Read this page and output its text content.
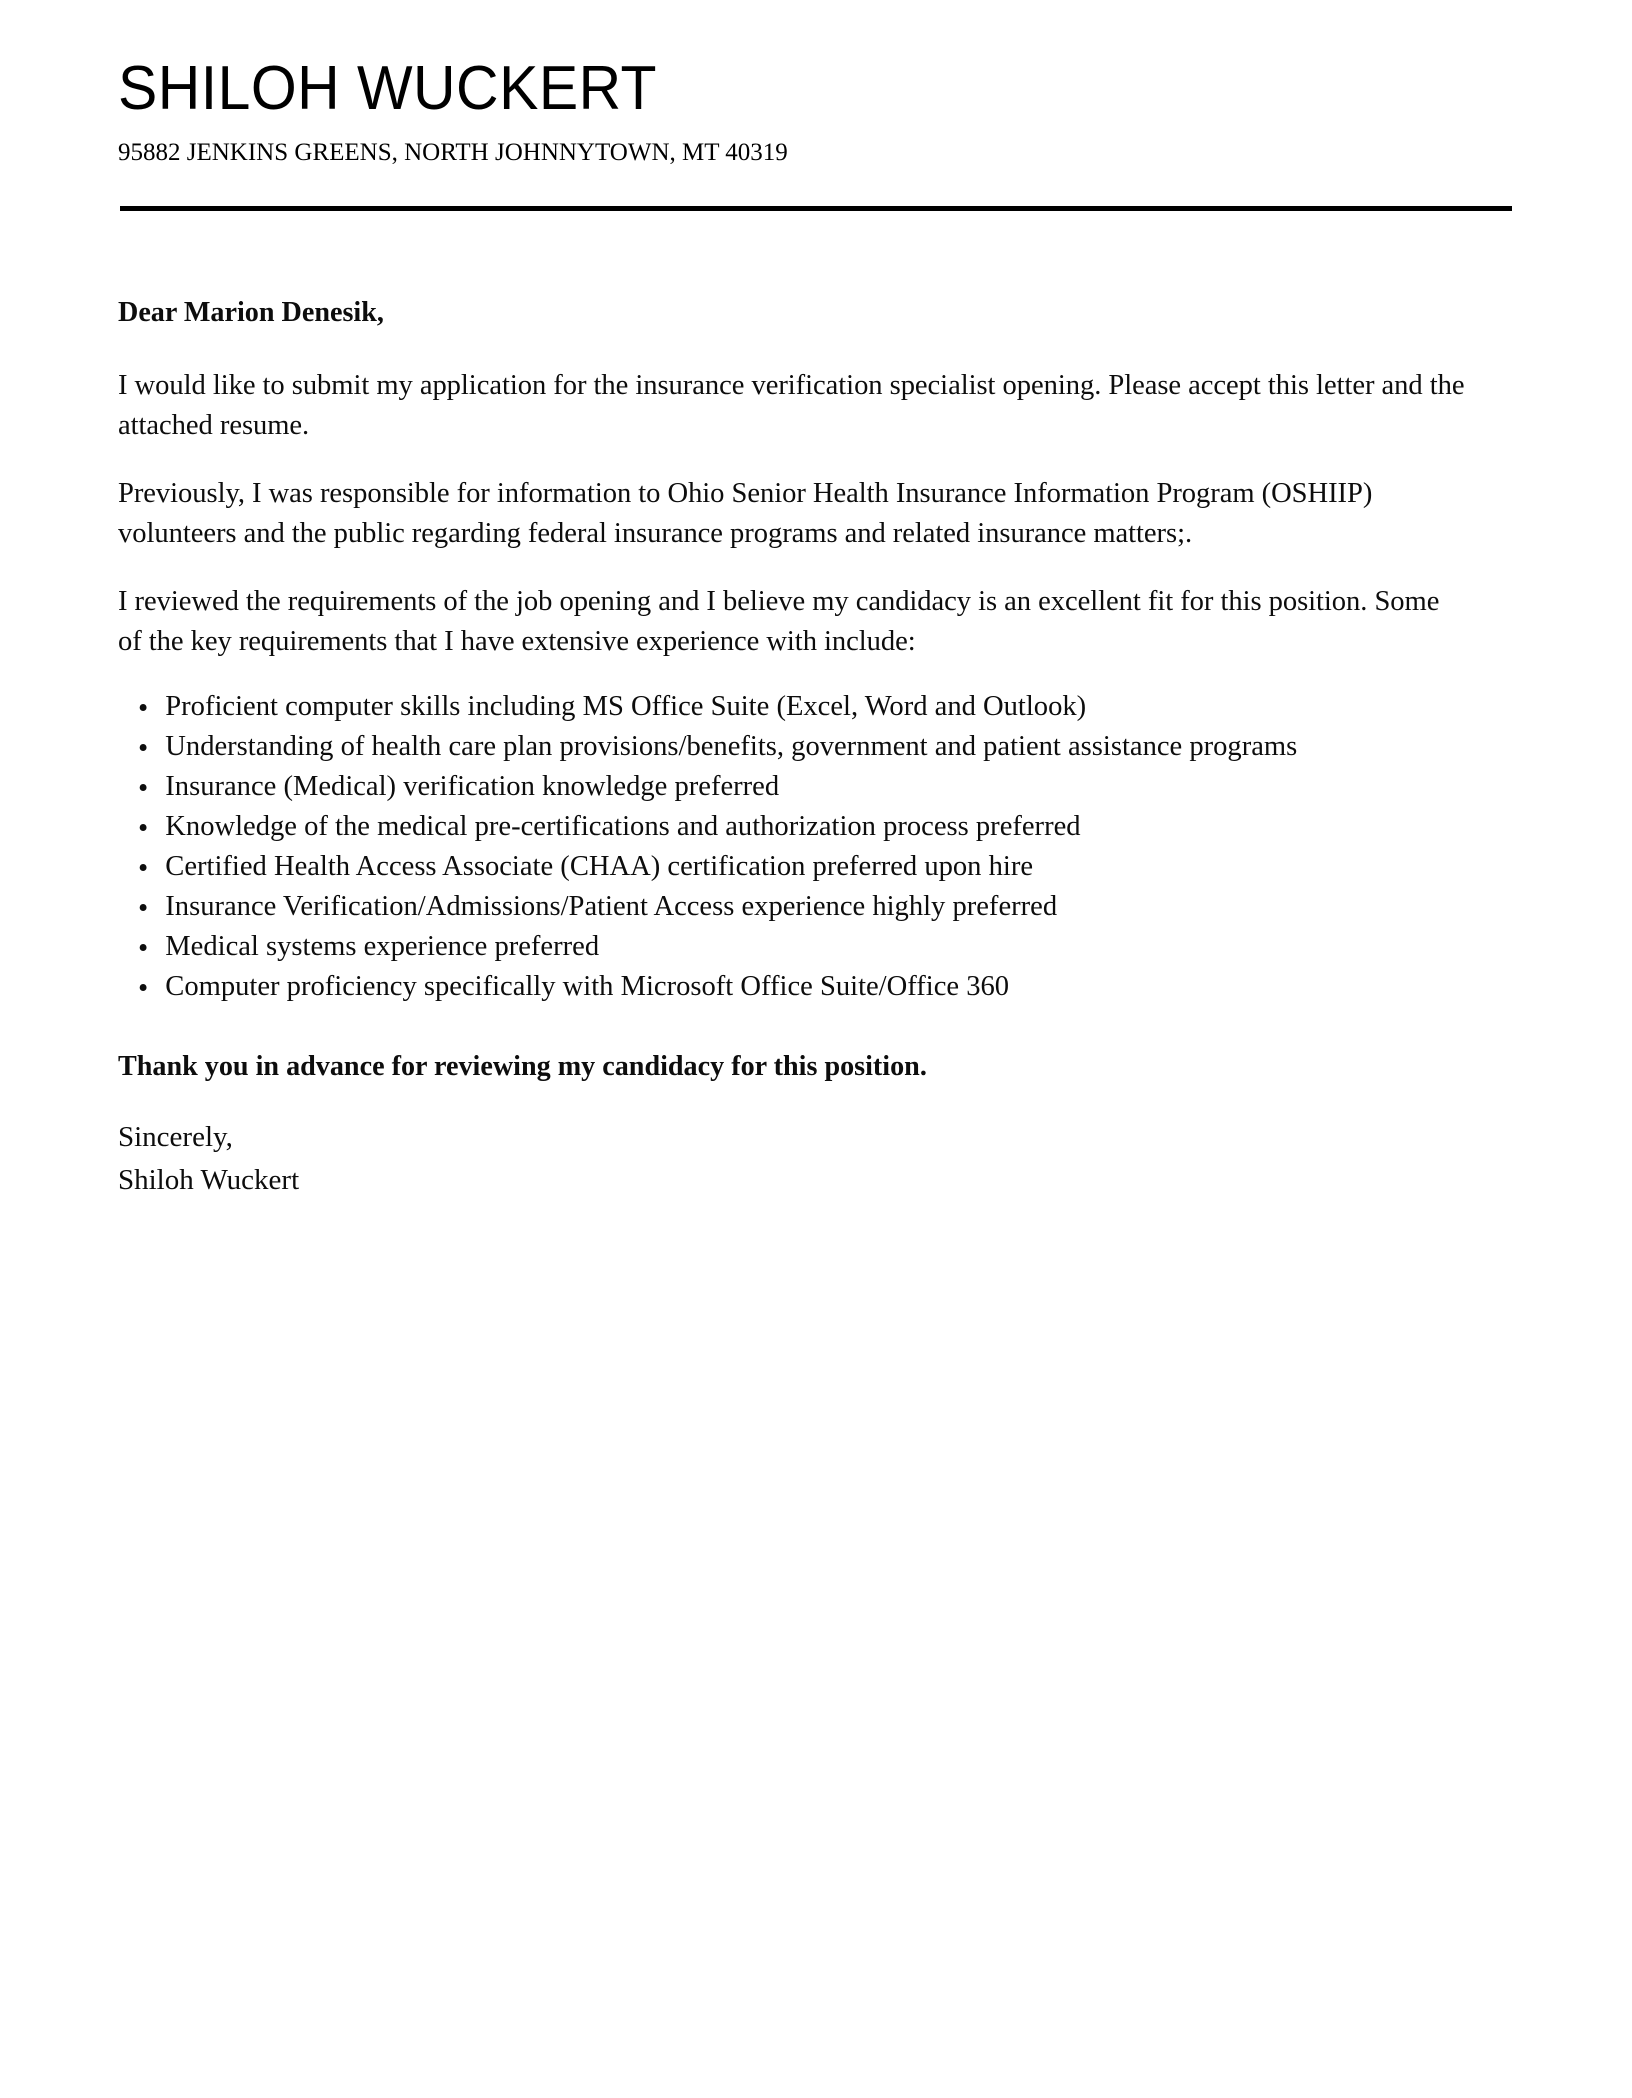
SHILOH WUCKERT
95882 JENKINS GREENS, NORTH JOHNNYTOWN, MT 40319

Dear Marion Denesik,

I would like to submit my application for the insurance verification specialist opening. Please accept this letter and the attached resume.

Previously, I was responsible for information to Ohio Senior Health Insurance Information Program (OSHIIP) volunteers and the public regarding federal insurance programs and related insurance matters;.

I reviewed the requirements of the job opening and I believe my candidacy is an excellent fit for this position. Some of the key requirements that I have extensive experience with include:

Proficient computer skills including MS Office Suite (Excel, Word and Outlook)
Understanding of health care plan provisions/benefits, government and patient assistance programs
Insurance (Medical) verification knowledge preferred
Knowledge of the medical pre-certifications and authorization process preferred
Certified Health Access Associate (CHAA) certification preferred upon hire
Insurance Verification/Admissions/Patient Access experience highly preferred
Medical systems experience preferred
Computer proficiency specifically with Microsoft Office Suite/Office 360

Thank you in advance for reviewing my candidacy for this position.

Sincerely,
Shiloh Wuckert
